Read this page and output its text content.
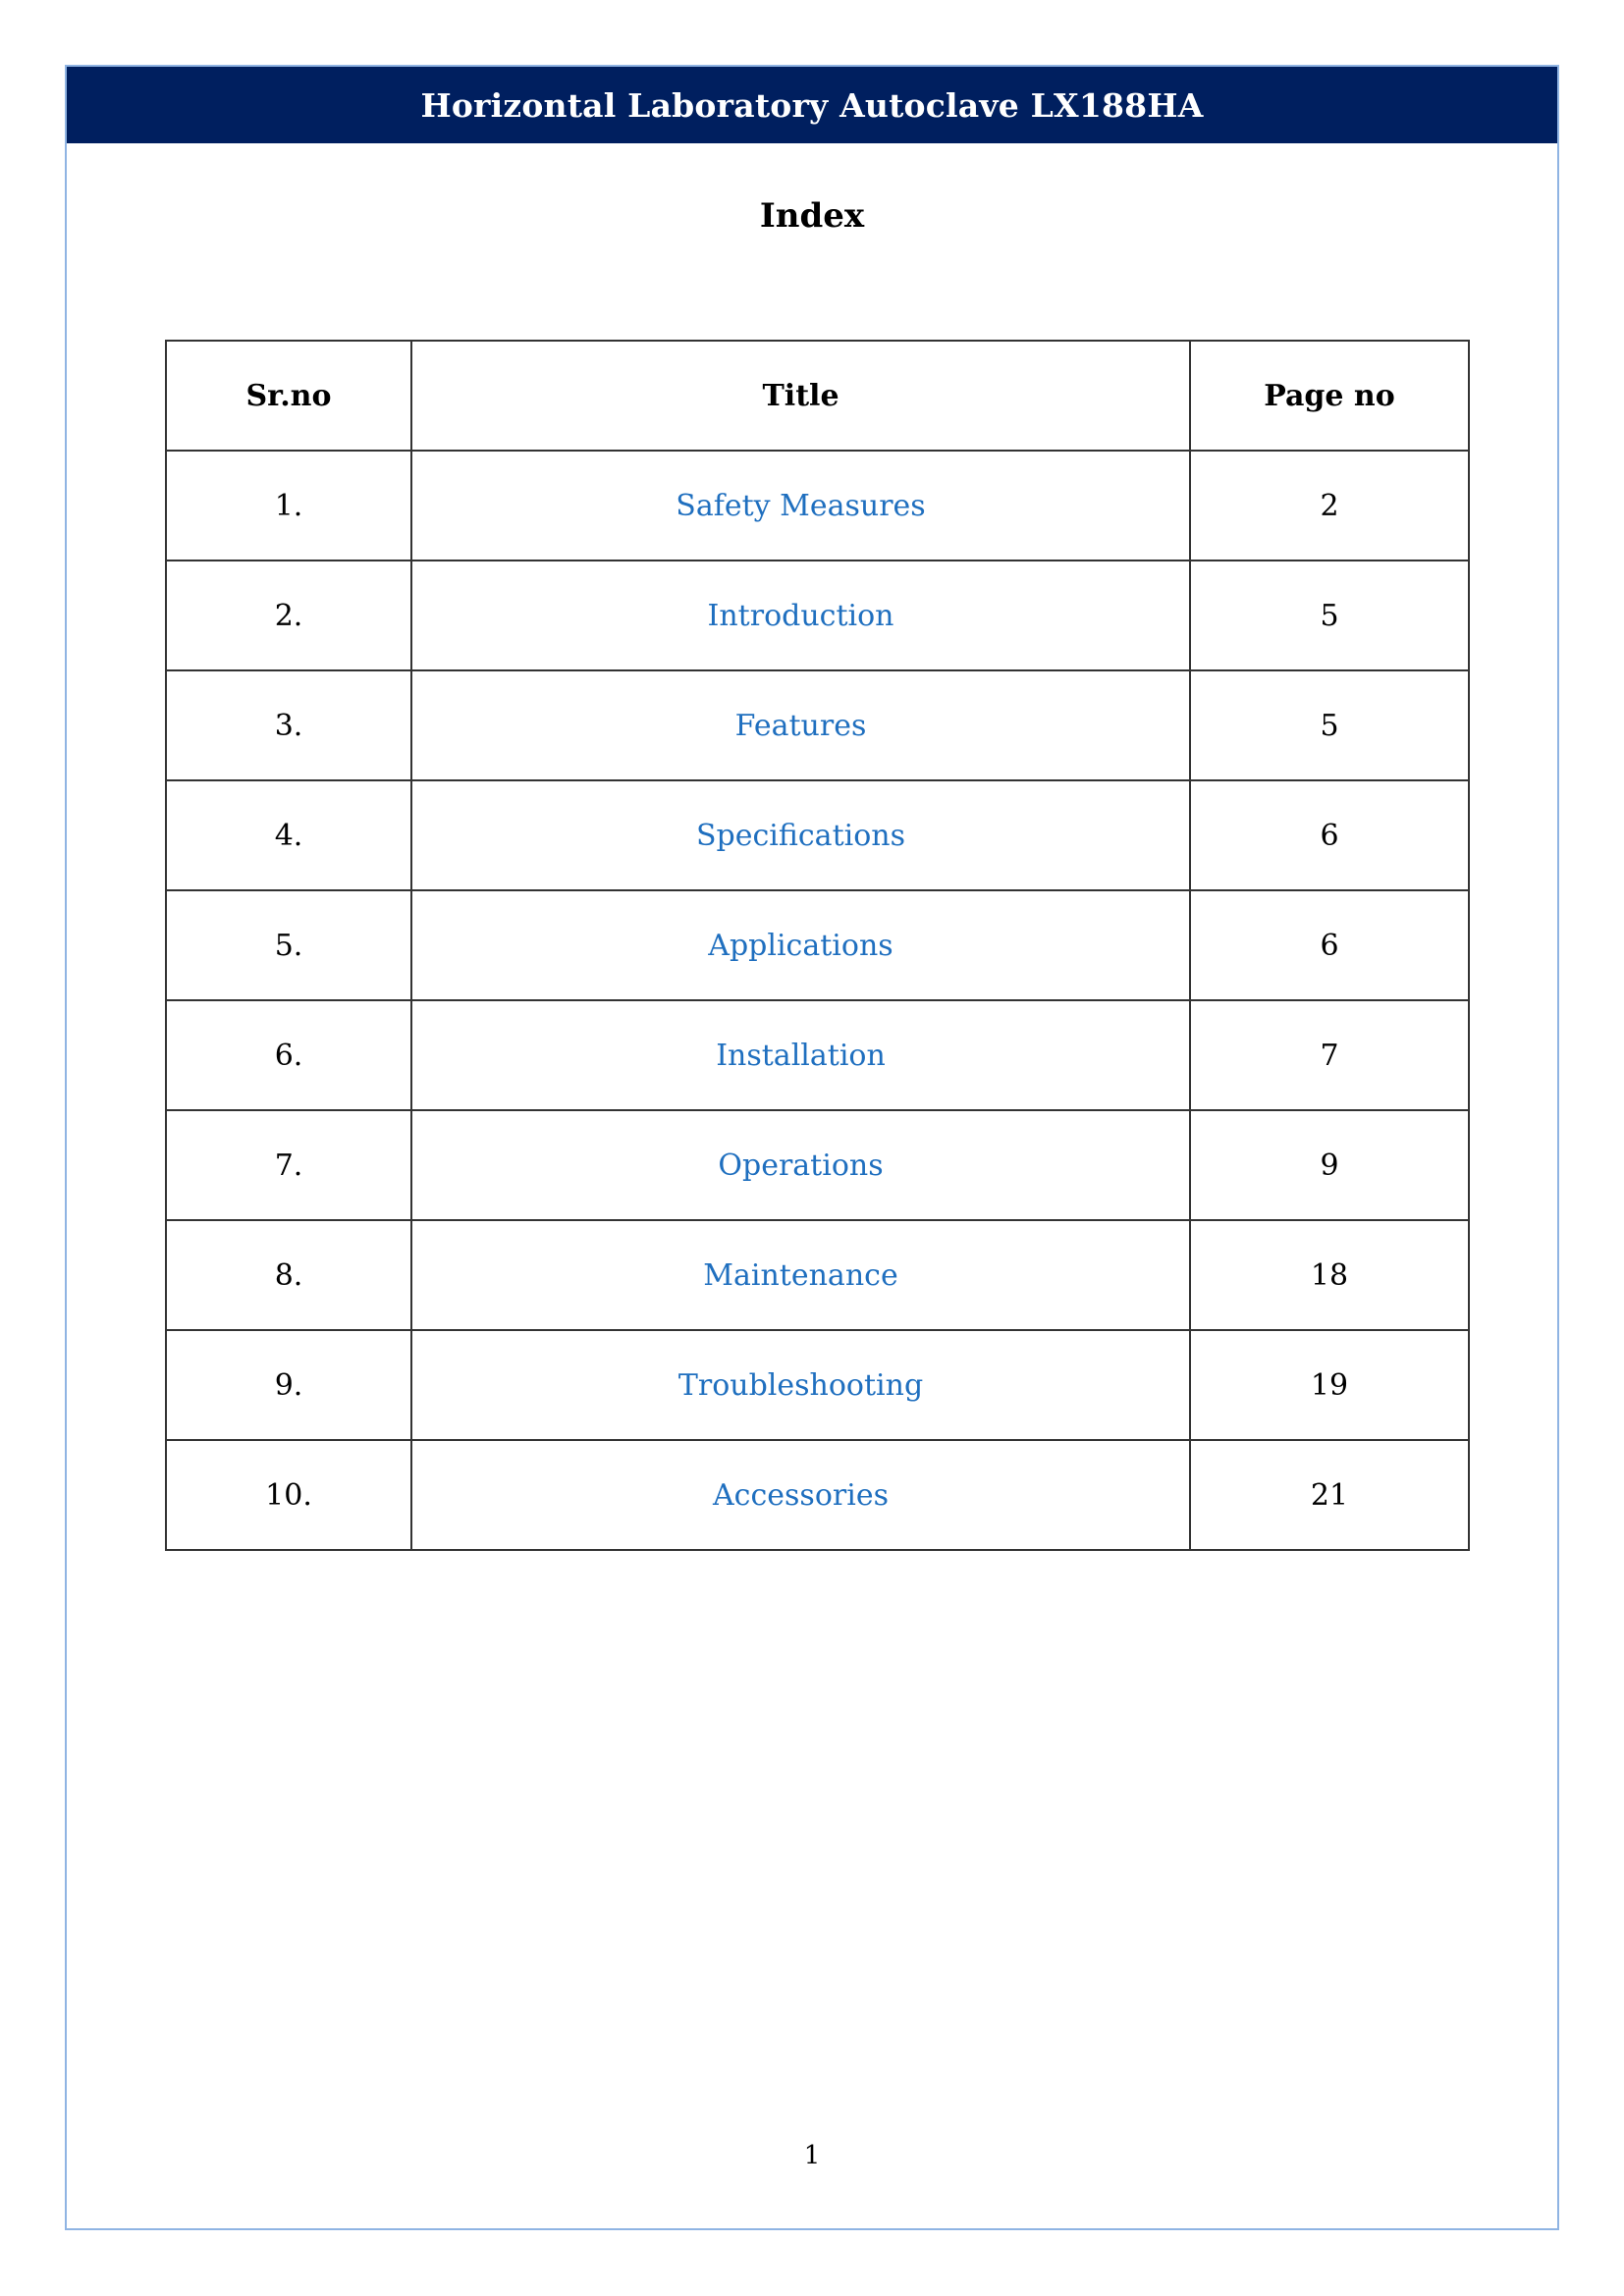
Horizontal Laboratory Autoclave LX188HA
Index
Sr.no	Title	Page no
1.	Safety Measures	2
2.	Introduction	5
3.	Features	5
4.	Specifications	6
5.	Applications	6
6.	Installation	7
7.	Operations	9
8.	Maintenance	18
9.	Troubleshooting	19
10.	Accessories	21
1
